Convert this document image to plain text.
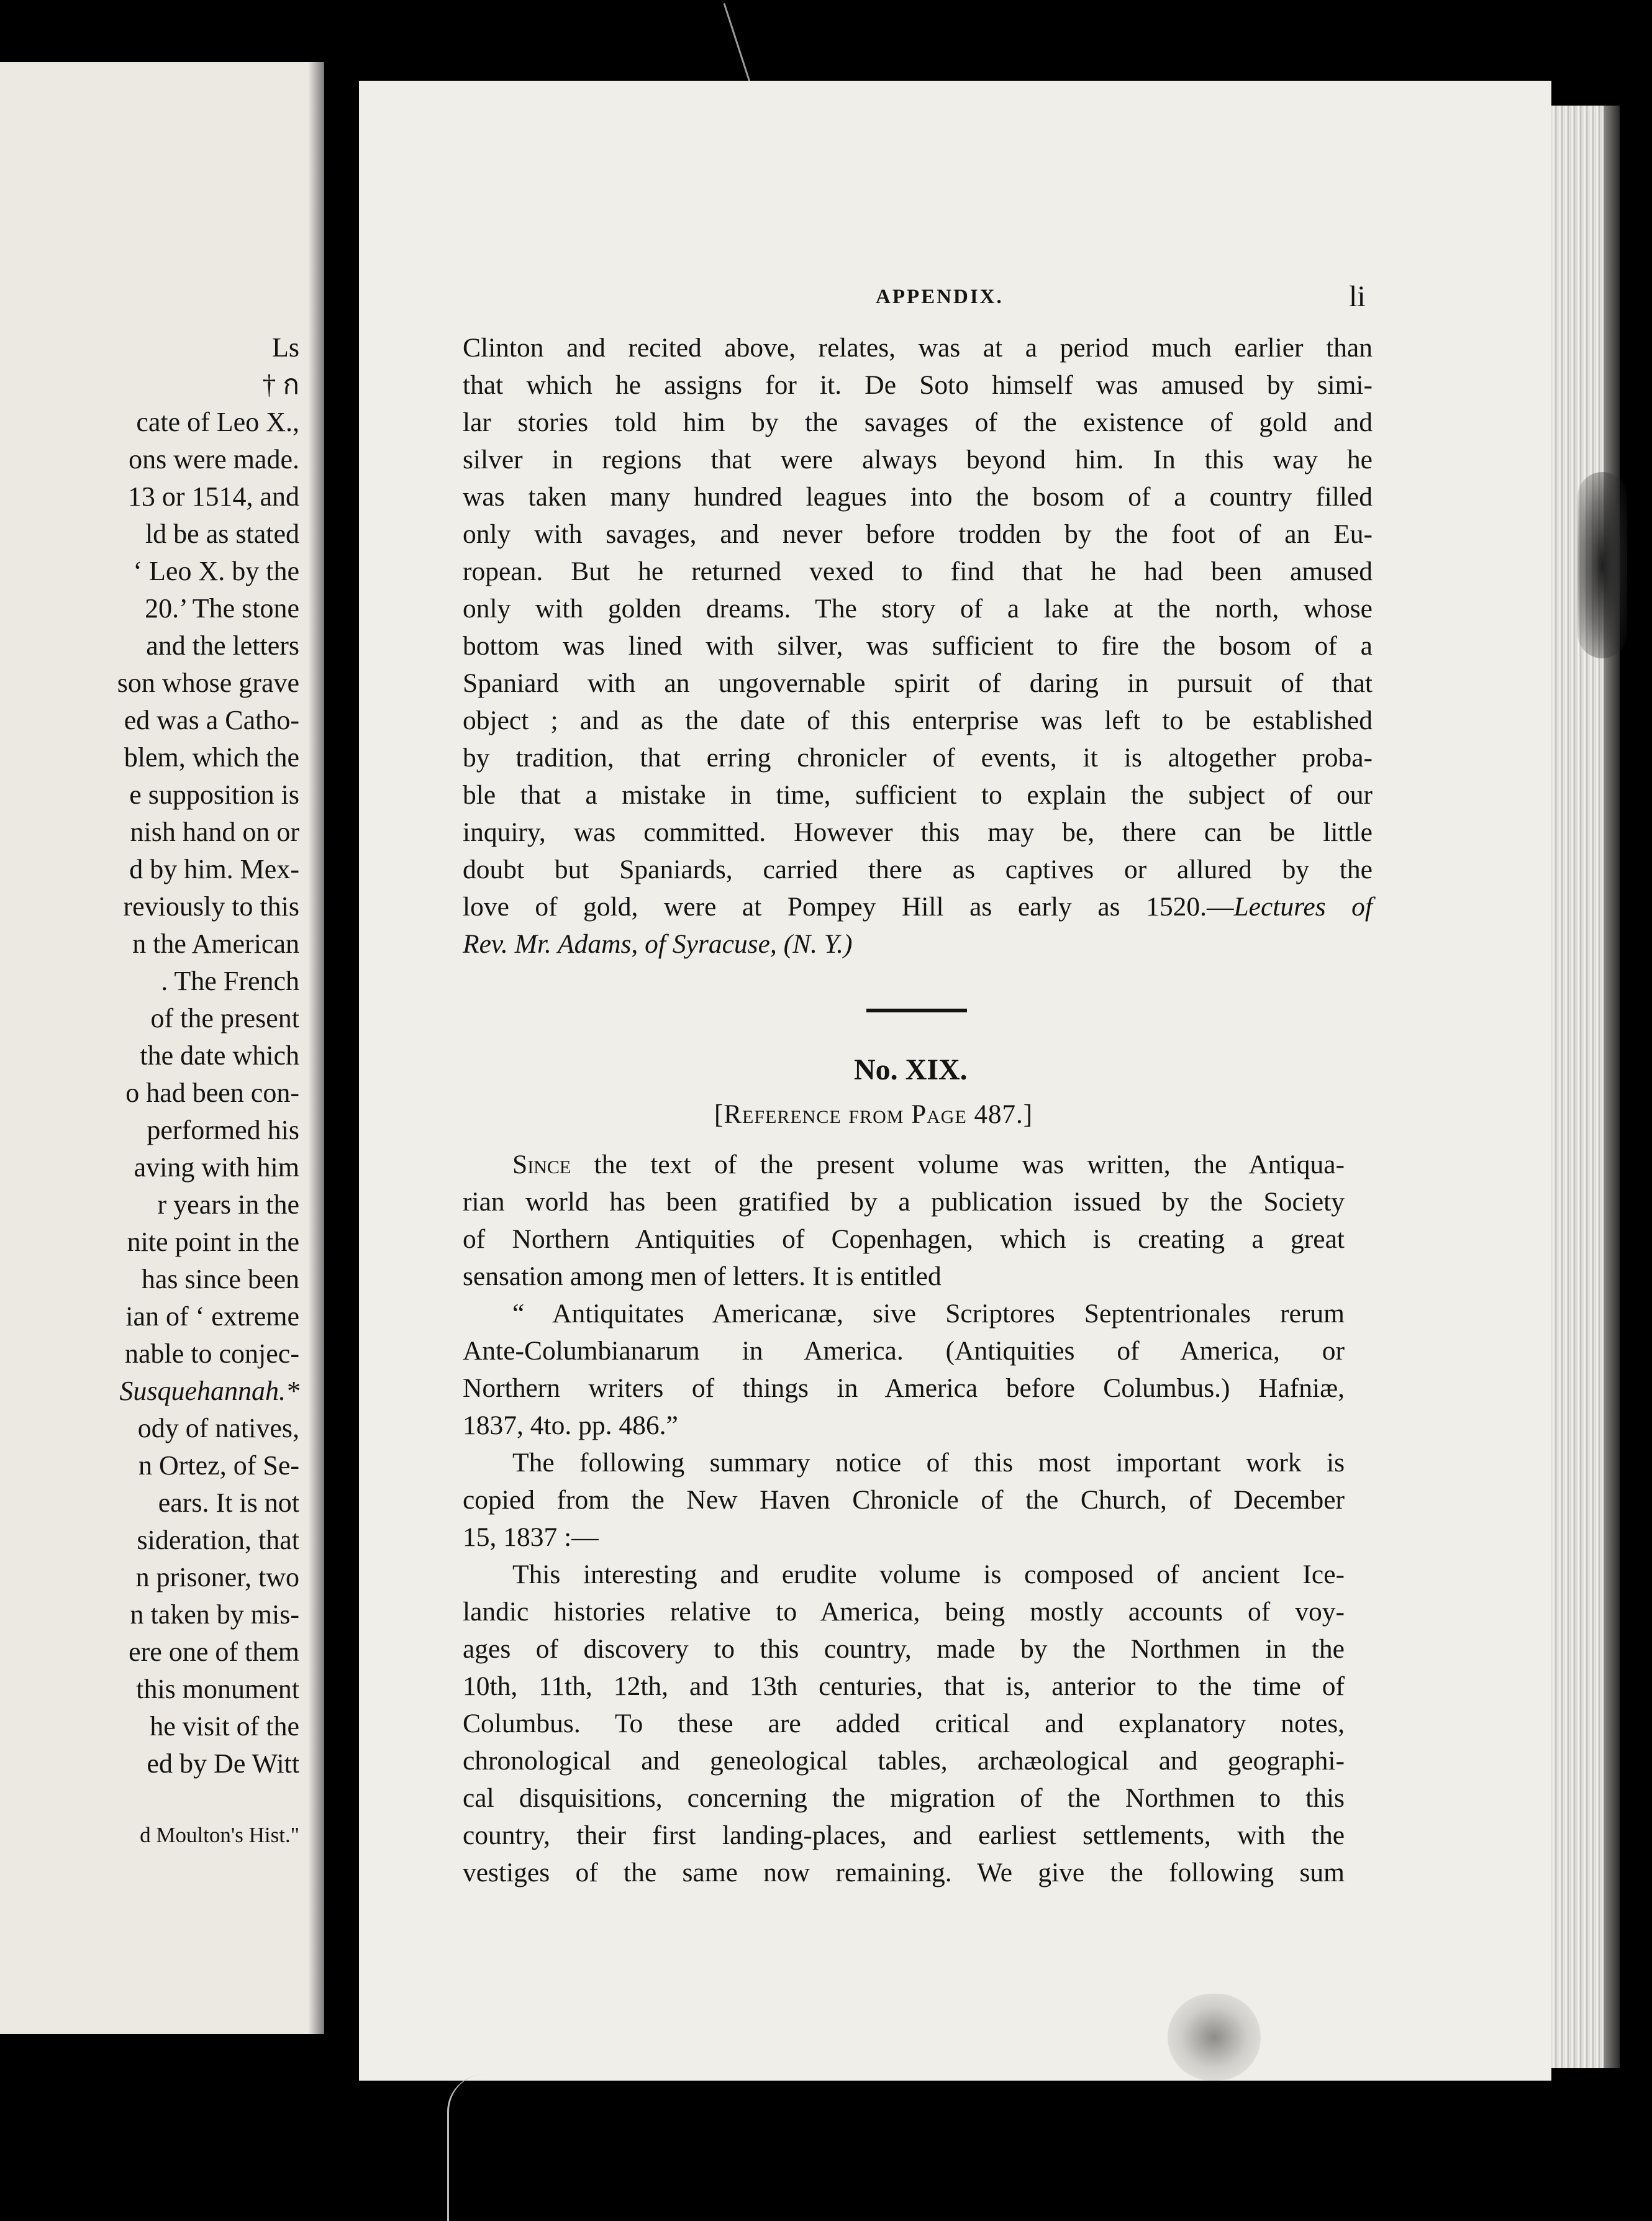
Ls
† ก
cate of Leo X.,
ons were made.
13 or 1514, and
ld be as stated
‘ Leo X. by the
20.’ The stone
and the letters
son whose grave
ed was a Catho-
blem, which the
e supposition is
nish hand on or
d by him. Mex-
reviously to this
n the American
. The French
of the present
the date which
o had been con-
performed his
aving with him
r years in the
nite point in the
has since been
ian of ‘ extreme
nable to conjec-
Susquehannah.*
ody of natives,
n Ortez, of Se-
ears. It is not
sideration, that
n prisoner, two
n taken by mis-
ere one of them
this monument
he visit of the
ed by De Witt
d Moulton's Hist."
APPENDIX.	li
Clinton and recited above, relates, was at a period much earlier than
that which he assigns for it. De Soto himself was amused by simi-
lar stories told him by the savages of the existence of gold and
silver in regions that were always beyond him. In this way he
was taken many hundred leagues into the bosom of a country filled
only with savages, and never before trodden by the foot of an Eu-
ropean. But he returned vexed to find that he had been amused
only with golden dreams. The story of a lake at the north, whose
bottom was lined with silver, was sufficient to fire the bosom of a
Spaniard with an ungovernable spirit of daring in pursuit of that
object ; and as the date of this enterprise was left to be established
by tradition, that erring chronicler of events, it is altogether proba-
ble that a mistake in time, sufficient to explain the subject of our
inquiry, was committed. However this may be, there can be little
doubt but Spaniards, carried there as captives or allured by the
love of gold, were at Pompey Hill as early as 1520.—Lectures of
Rev. Mr. Adams, of Syracuse, (N. Y.)
No. XIX.
[Reference from Page 487.]
Since the text of the present volume was written, the Antiqua-
rian world has been gratified by a publication issued by the Society
of Northern Antiquities of Copenhagen, which is creating a great
sensation among men of letters. It is entitled
“ Antiquitates Americanæ, sive Scriptores Septentrionales rerum
Ante-Columbianarum in America. (Antiquities of America, or
Northern writers of things in America before Columbus.) Hafniæ,
1837, 4to. pp. 486.”
The following summary notice of this most important work is
copied from the New Haven Chronicle of the Church, of December
15, 1837 :—
This interesting and erudite volume is composed of ancient Ice-
landic histories relative to America, being mostly accounts of voy-
ages of discovery to this country, made by the Northmen in the
10th, 11th, 12th, and 13th centuries, that is, anterior to the time of
Columbus. To these are added critical and explanatory notes,
chronological and geneological tables, archæological and geographi-
cal disquisitions, concerning the migration of the Northmen to this
country, their first landing-places, and earliest settlements, with the
vestiges of the same now remaining. We give the following sum
